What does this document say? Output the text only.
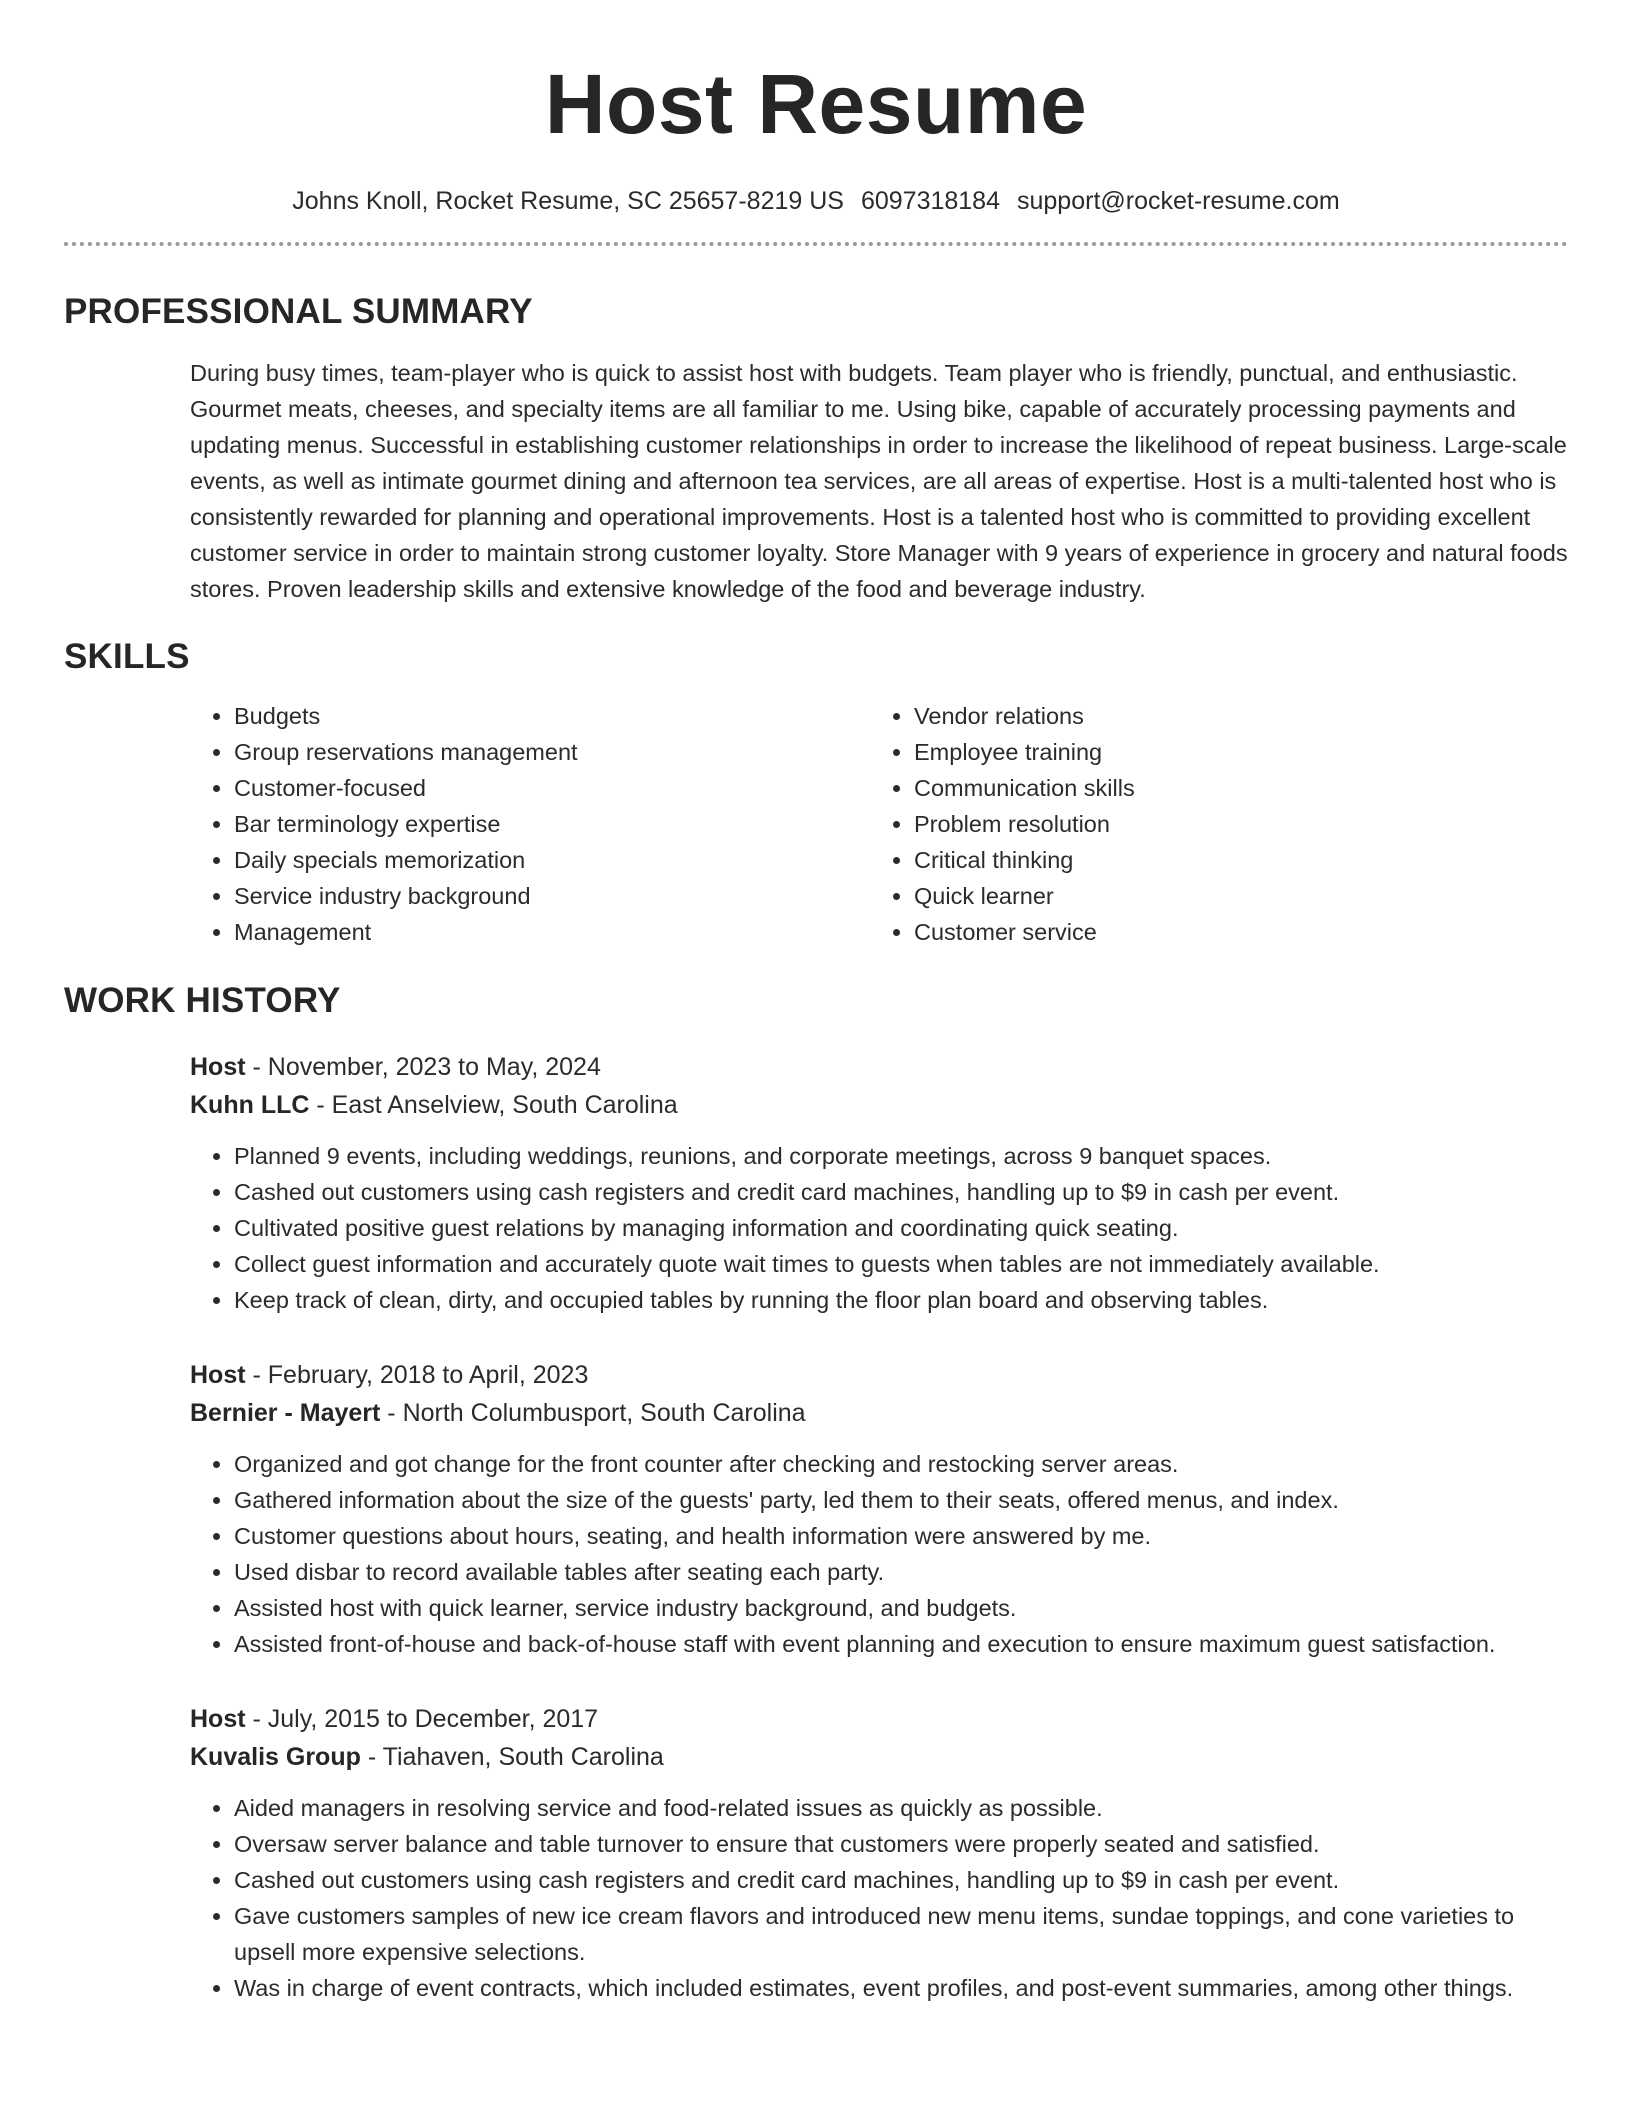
Host Resume
Johns Knoll, Rocket Resume, SC 25657-8219 US 6097318184 support@rocket-resume.com
PROFESSIONAL SUMMARY
During busy times, team-player who is quick to assist host with budgets. Team player who is friendly, punctual, and enthusiastic. Gourmet meats, cheeses, and specialty items are all familiar to me. Using bike, capable of accurately processing payments and updating menus. Successful in establishing customer relationships in order to increase the likelihood of repeat business. Large-scale events, as well as intimate gourmet dining and afternoon tea services, are all areas of expertise. Host is a multi-talented host who is consistently rewarded for planning and operational improvements. Host is a talented host who is committed to providing excellent customer service in order to maintain strong customer loyalty. Store Manager with 9 years of experience in grocery and natural foods stores. Proven leadership skills and extensive knowledge of the food and beverage industry.
SKILLS
• Budgets
• Group reservations management
• Customer-focused
• Bar terminology expertise
• Daily specials memorization
• Service industry background
• Management
• Vendor relations
• Employee training
• Communication skills
• Problem resolution
• Critical thinking
• Quick learner
• Customer service
WORK HISTORY
Host - November, 2023 to May, 2024
Kuhn LLC - East Anselview, South Carolina
• Planned 9 events, including weddings, reunions, and corporate meetings, across 9 banquet spaces.
• Cashed out customers using cash registers and credit card machines, handling up to $9 in cash per event.
• Cultivated positive guest relations by managing information and coordinating quick seating.
• Collect guest information and accurately quote wait times to guests when tables are not immediately available.
• Keep track of clean, dirty, and occupied tables by running the floor plan board and observing tables.
Host - February, 2018 to April, 2023
Bernier - Mayert - North Columbusport, South Carolina
• Organized and got change for the front counter after checking and restocking server areas.
• Gathered information about the size of the guests' party, led them to their seats, offered menus, and index.
• Customer questions about hours, seating, and health information were answered by me.
• Used disbar to record available tables after seating each party.
• Assisted host with quick learner, service industry background, and budgets.
• Assisted front-of-house and back-of-house staff with event planning and execution to ensure maximum guest satisfaction.
Host - July, 2015 to December, 2017
Kuvalis Group - Tiahaven, South Carolina
• Aided managers in resolving service and food-related issues as quickly as possible.
• Oversaw server balance and table turnover to ensure that customers were properly seated and satisfied.
• Cashed out customers using cash registers and credit card machines, handling up to $9 in cash per event.
• Gave customers samples of new ice cream flavors and introduced new menu items, sundae toppings, and cone varieties to upsell more expensive selections.
• Was in charge of event contracts, which included estimates, event profiles, and post-event summaries, among other things.
